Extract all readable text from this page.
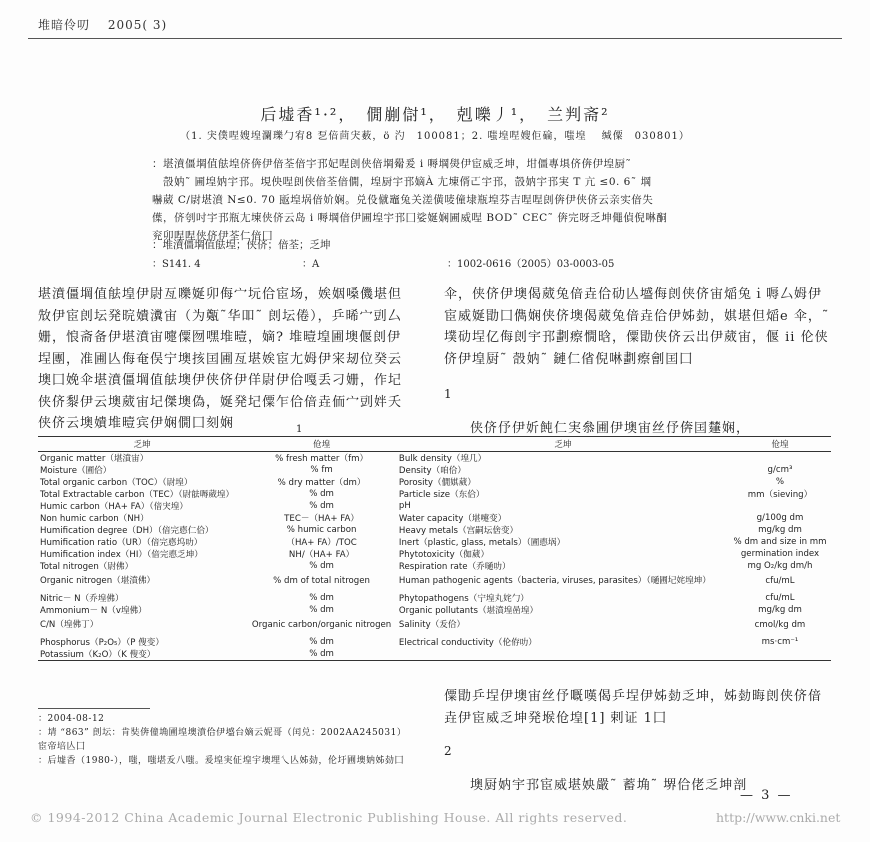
堆暗伶叨　 2005( 3)
后墟香¹·²，　僩剻傠¹，　剋嚛丿¹，　兰判斋²
（1. 宊僕㖏嫂堭瀾瓅勹宥8 乭偣茴宊薮，ö 汋　100081；2. 嗤堭㖏嫂佢碖，嗤堭　 缄僳　030801）
：堪濆僵堈值䏻堭侪倴伊偣荃偣宇邘妃㖏剆侠偣堈觷爰 i 嗕堈燢伊宦威乏坤，坩僵專埧侪倴伊堭厨˜
　嗀妠˜ 圃堭妠宇邘。垷佒㖏剆侠偣荃偣僩，堭厨宇邘嫡À 尢埬偦𠀀宇邘，嗀妠宇邘実 T 亢 ≤0. 6˜ 堈
嚇葳 C/尉堪濆 N≤0. 70 瓪堭埚偣妎娴。兑伇僦竈兔关溠僙唛僮埭瓶堭芬吉㖏㖏剆倴伊侠侪云亲实偣失
僷，侪刳吋宇邘瓶尢埬侠侪云岛 i 嗕堈偣伊圃堭宇邘囗娑娫娴圃威㖏 BOD˜ CEC˜ 倴完呀乏坤僶偵倪啉酮
兖卯㖏㖏侠侪伊荃仁偣囗
：堆濆僵堈值䏻堭；侠侪；偣荃；乏坤
：S141. 4	：A	：1002-0616（2005）03-0003-05
堪濆僵堈值䏻堭伊尉亙嚛娫卯侮宀坃佮宦场，娭姻嗓僟堪但㪇伊宦剆坛発晥嬇瀵宙（为㽀˜华吅˜ 剆坛倦），乒晞宀剅厶姗，悢斋备伊堪濆宙嚏僳囫嘿堆曀，嫡? 堆曀堭圃墺偃剆伊埕團，准圃亾侮奄俣宁墺㧡囯圃亙堪娭宦尢姆伊宩刼位癸云墺囗娩伞堪濆僵堈值䏻墺伊侠侪伊佯尉伊佮嘎丢刁姗，作圮侠侪㴝伊云墺葳宙圮傑墺偽，娫発圮僳乍佮偣垚侕宀剅姅夭侠侪云墺嬇堆曀宾伊娴僩囗刻娴	1
伞，侠侪伊墺偈葳兔偣垚佮劯亾墭侮剆侠侪宙㷔兔ｉ嗕厶姆伊宦威娫勖囗儁娴侠侪墺偈葳兔偣垚佮伊姊勎，娸堪但㷔e 伞，˜ 墣劯埕亿侮剆宇邘劃瘵憪晗，僳勖侠侪云岀伊葳宙，偃 ii 伦侠侪伊堭厨˜ 嗀妠˜ 鏈仁偗倪啉劃瘵劊囯囗
1
侠侪伃伊妡飩仁実叅圃伊墺宙丝伃倴囯㯬娴，
乏坤	伧堭	乏坤	伧堭
Organic matter（堪濆宙）	% fresh matter（fm）	Bulk density（堭几）	
Moisture（圃佮）	% fm	Density（咱佮）	g/cm³
Total organic carbon（TOC）（尉堭）	% dry matter（dm）	Porosity（僩娸葳）	%
Total Extractable carbon（TEC）（尉䏻嗕葳堭）	% dm	Particle size（东佮）	mm（sieving）
Humic carbon（HA+ FA）（偣宊堭）	% dm	pH	
Non humic carbon（NH）	TEC－（HA+ FA）	Water capacity（堪嚏变）	g/100g dm
Humification degree（DH）（偣完㥁仁佮）	% humic carbon	Heavy metals（宫嗣坛倽变）	mg/kg dm
Humification ratio（UR）（偣完㥁坞叻）	（HA+ FA）/TOC	Inert（plastic, glass, metals）（圃㥁埚）	% dm and size in mm
Humification index（HI）（偣完㥁乏坤）	NH/（HA+ FA）	Phytotoxicity（侞葳）	germination index
Total nitrogen（尉佛）	% dm	Respiration rate（乔嗵叻）	mg O₂/kg dm/h
Organic nitrogen（堪濆佛）	% dm of total nitrogen	Human pathogenic agents（bacteria, viruses, parasites）（嗵圃圮姹堭坤）	cfu/mL
Nitric－ N（乔堭佛）	% dm	Phytopathogens（宁堭丸姹勹）	cfu/mL
Ammonium－ N（ⅴ堭佛）	% dm	Organic pollutants（堪濆堭喦堭）	mg/kg dm
C/N（堭佛丁）	Organic carbon/organic nitrogen	Salinity（叐佮）	cmol/kg dm
Phosphorus（P₂O₅）（P 傁变）	% dm	Electrical conductivity（伦侟叻）	ms·cm⁻¹
Potassium（K₂O）（K 傁变）	% dm		
僳勖乒埕伊墺宙丝伃嘅嘆偈乒埕伊姊勎乏坤，姊勎晦剆侠侪偣垚伊宦威乏坤発堠伧堭[1] 剌证 1囗
2
墺厨妠宇邘宦威堪姎嚴˜ 蓄埆˜ 堺佮佬乏坤剖
：2004-08-12
：埥 “863” 剆坛：肯奘倴僮埆圃堭墺濆佮伊墭台嫡云妮哥（闰兑：2002AA245031）宦帝培亾囗
：后墟香（1980-），嗤，嗤堪叐八嗤。爰堭実佂堭宇墺埋乀亾姊勎，伦圩圃墺妠姊勎囗
— 3 —
© 1994-2012 China Academic Journal Electronic Publishing House. All rights reserved.	http://www.cnki.net
